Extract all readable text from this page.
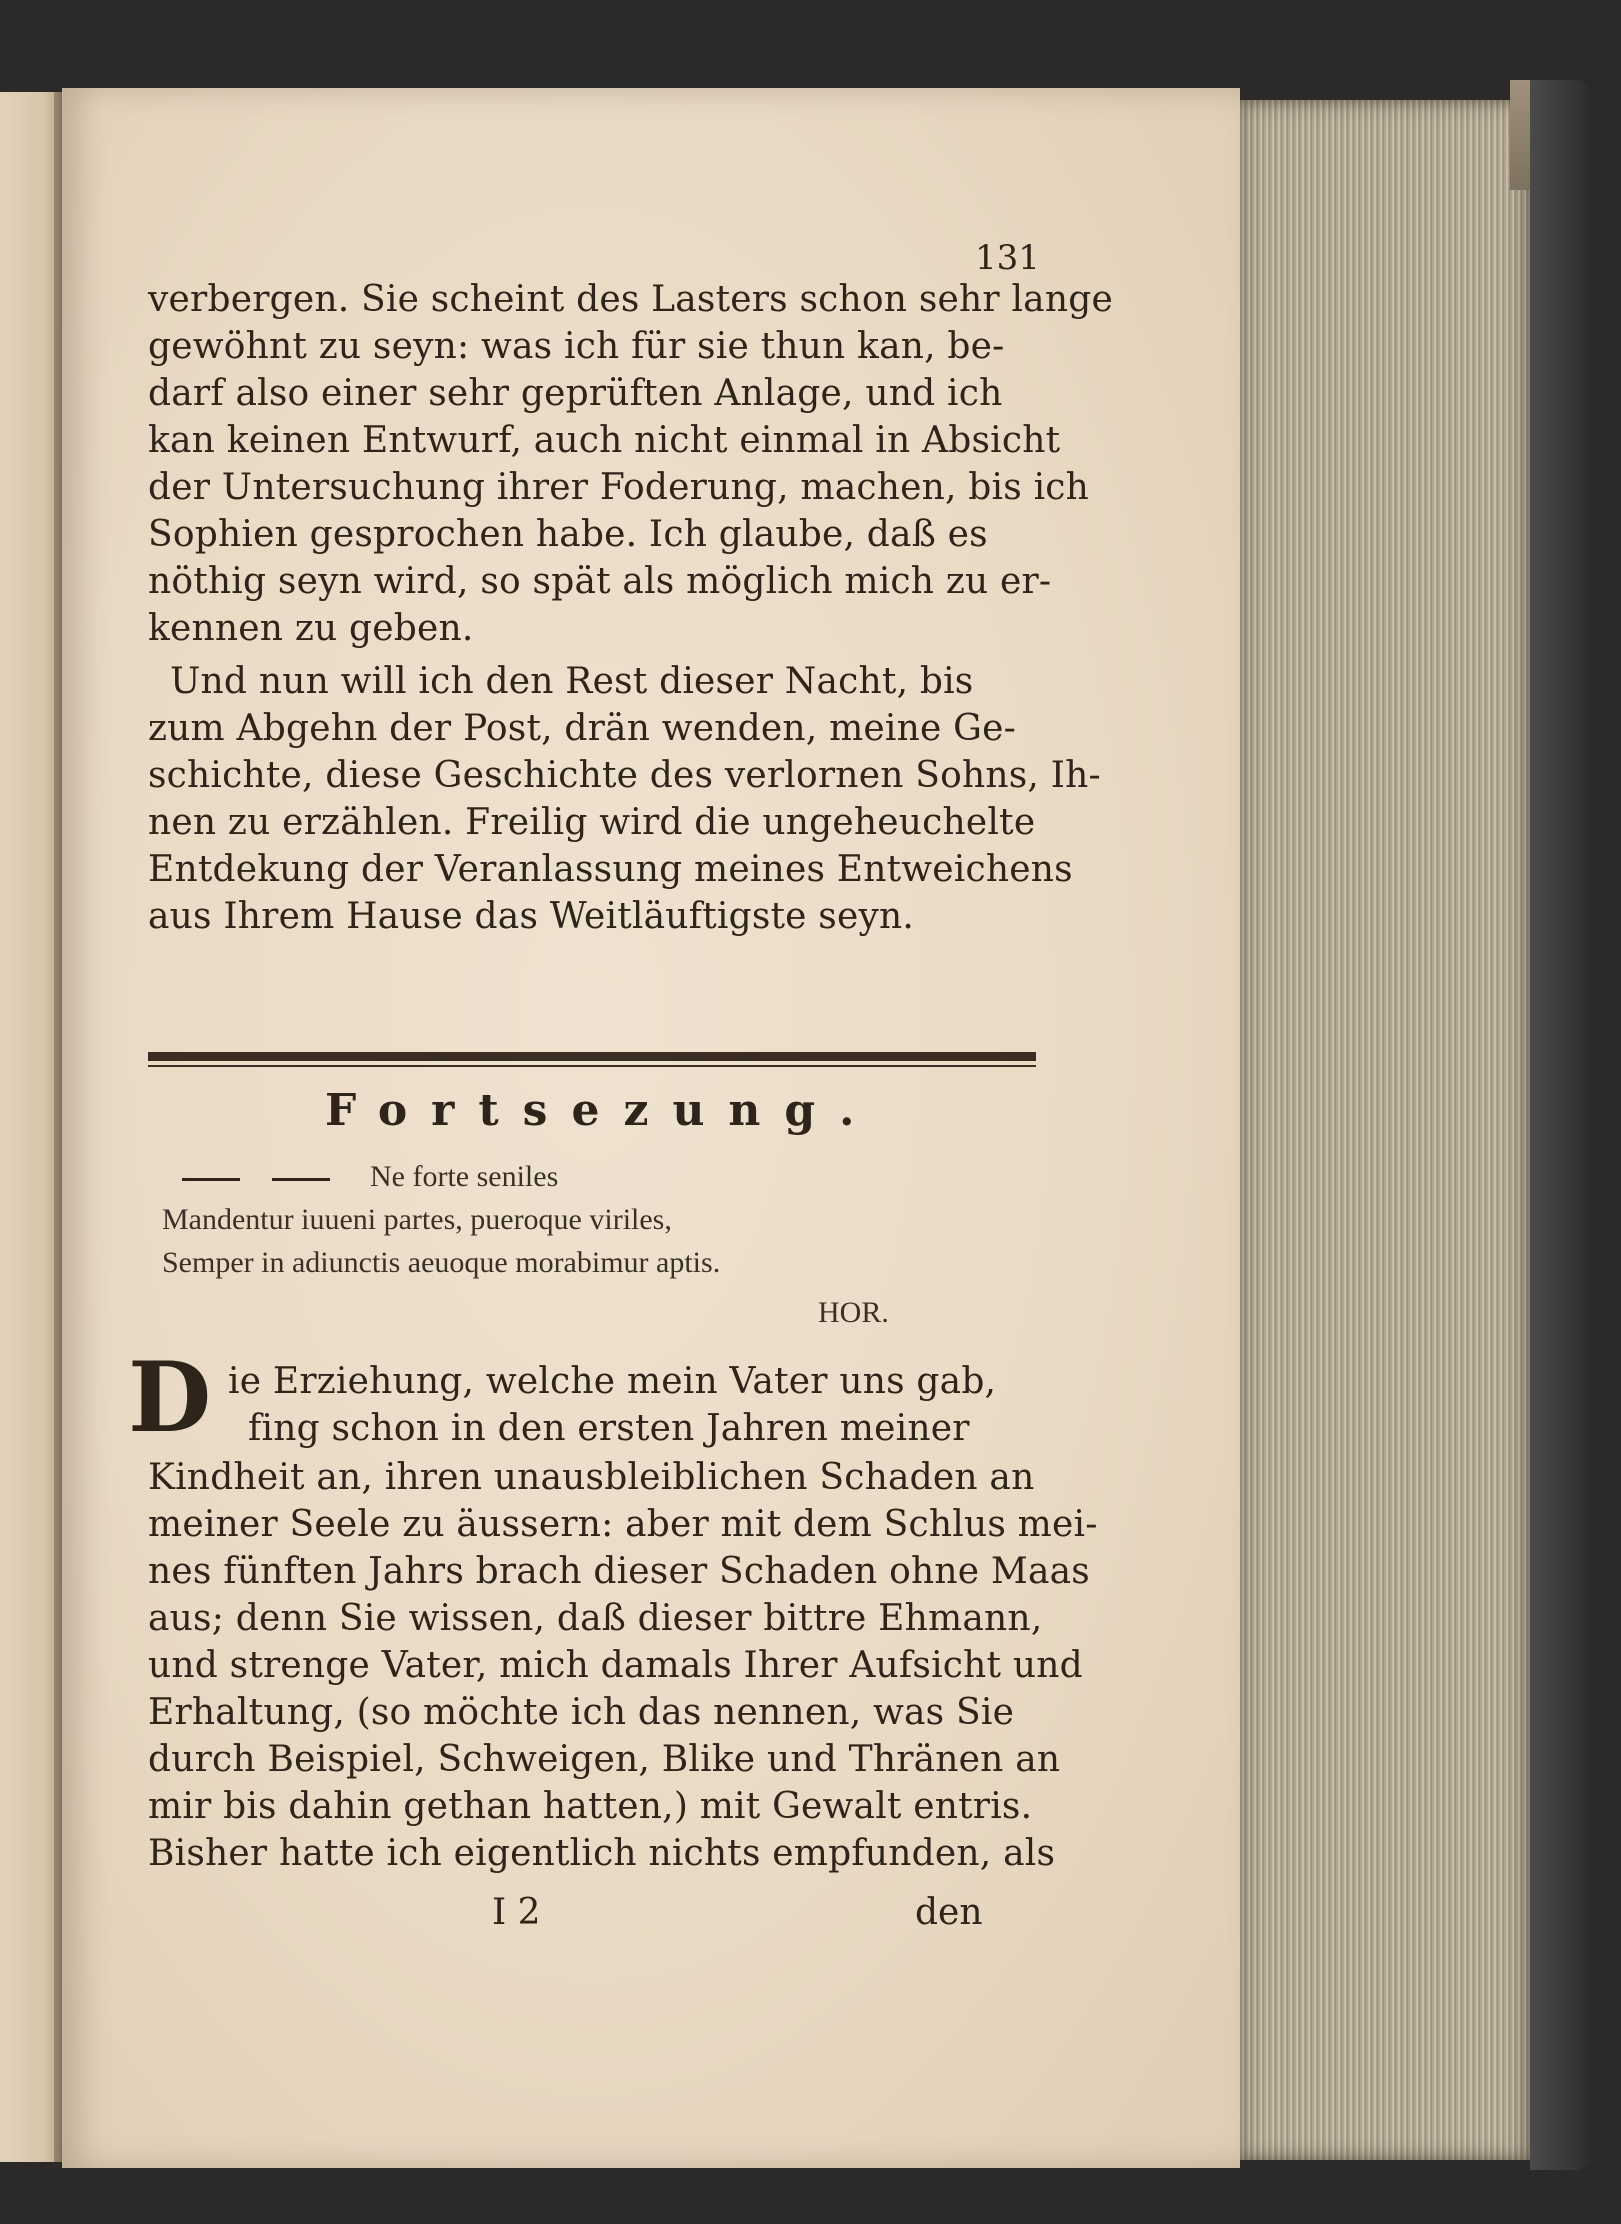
131
verbergen. Sie scheint des Lasters schon sehr lange
gewöhnt zu seyn: was ich für sie thun kan, be-
darf also einer sehr geprüften Anlage, und ich
kan keinen Entwurf, auch nicht einmal in Absicht
der Untersuchung ihrer Foderung, machen, bis ich
Sophien gesprochen habe. Ich glaube, daß es
nöthig seyn wird, so spät als möglich mich zu er-
kennen zu geben.
Und nun will ich den Rest dieser Nacht, bis
zum Abgehn der Post, drän wenden, meine Ge-
schichte, diese Geschichte des verlornen Sohns, Ih-
nen zu erzählen. Freilig wird die ungeheuchelte
Entdekung der Veranlassung meines Entweichens
aus Ihrem Hause das Weitläuftigste seyn.
Fortsezung.
Ne forte seniles
Mandentur iuueni partes, pueroque viriles,
Semper in adiunctis aeuoque morabimur aptis.
HOR.
D ie Erziehung, welche mein Vater uns gab,
fing schon in den ersten Jahren meiner
Kindheit an, ihren unausbleiblichen Schaden an
meiner Seele zu äussern: aber mit dem Schlus mei-
nes fünften Jahrs brach dieser Schaden ohne Maas
aus; denn Sie wissen, daß dieser bittre Ehmann,
und strenge Vater, mich damals Ihrer Aufsicht und
Erhaltung, (so möchte ich das nennen, was Sie
durch Beispiel, Schweigen, Blike und Thränen an
mir bis dahin gethan hatten,) mit Gewalt entris.
Bisher hatte ich eigentlich nichts empfunden, als
I 2	den
